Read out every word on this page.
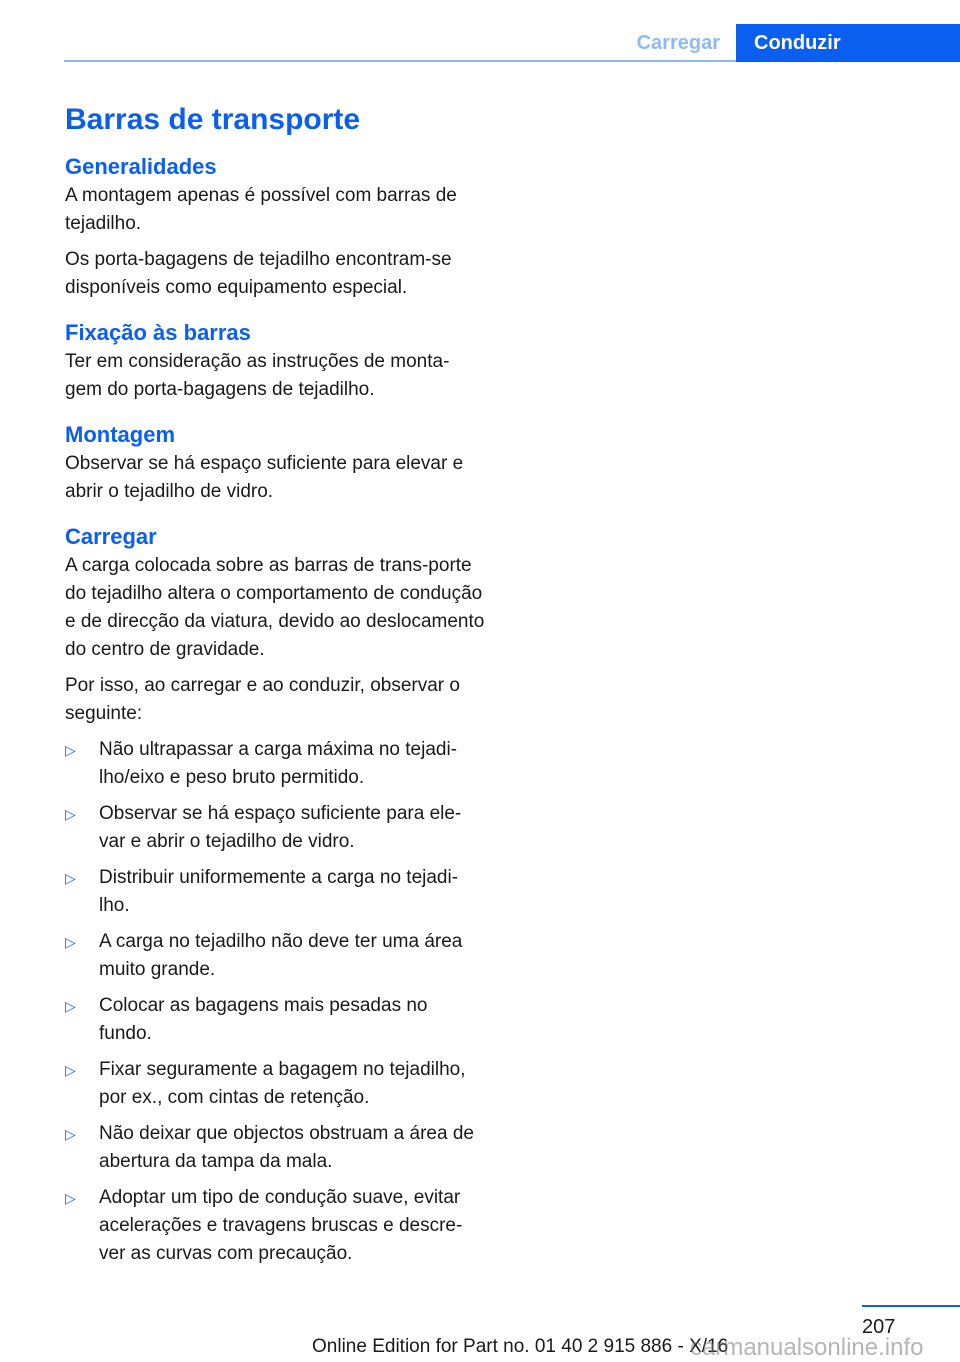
Carregar	Conduzir
Barras de transporte
Generalidades

A montagem apenas é possível com barras de tejadilho.

Os porta-bagagens de tejadilho encontram-se disponíveis como equipamento especial.

Fixação às barras

Ter em consideração as instruções de monta-gem do porta-bagagens de tejadilho.

Montagem

Observar se há espaço suficiente para elevar e abrir o tejadilho de vidro.

Carregar

A carga colocada sobre as barras de trans-porte do tejadilho altera o comportamento de condução e de direcção da viatura, devido ao deslocamento do centro de gravidade.

Por isso, ao carregar e ao conduzir, observar o seguinte:

▷ Não ultrapassar a carga máxima no tejadi-lho/eixo e peso bruto permitido.
▷ Observar se há espaço suficiente para ele-var e abrir o tejadilho de vidro.
▷ Distribuir uniformemente a carga no tejadi-lho.
▷ A carga no tejadilho não deve ter uma área muito grande.
▷ Colocar as bagagens mais pesadas no fundo.
▷ Fixar seguramente a bagagem no tejadilho, por ex., com cintas de retenção.
▷ Não deixar que objectos obstruam a área de abertura da tampa da mala.
▷ Adoptar um tipo de condução suave, evitar acelerações e travagens bruscas e descre-ver as curvas com precaução.
207
Online Edition for Part no. 01 40 2 915 886 - X/16
carmanualsonline.info
